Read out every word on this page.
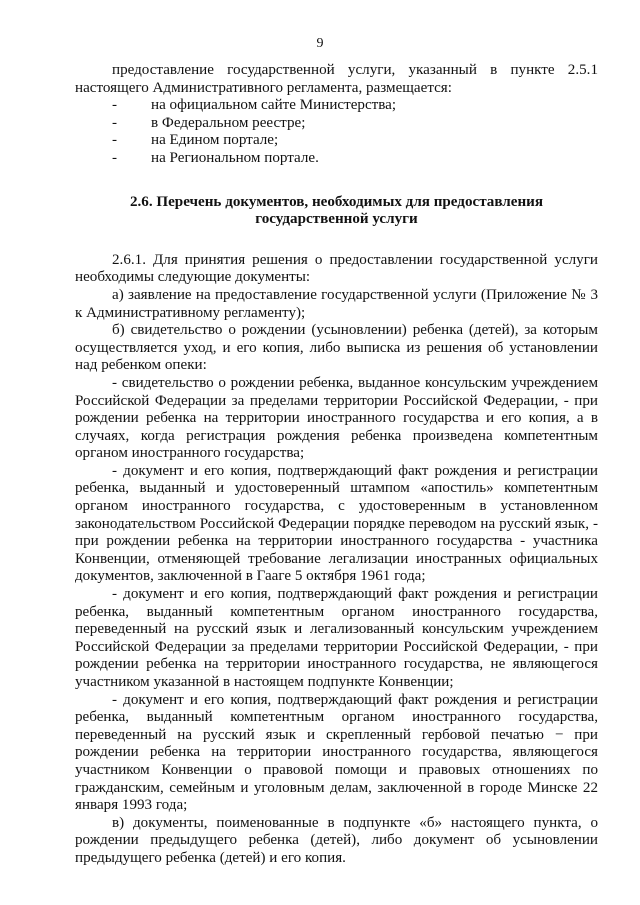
9

предоставление государственной услуги, указанный в пункте 2.5.1 настоящего Административного регламента, размещается:

- на официальном сайте Министерства;
- в Федеральном реестре;
- на Едином портале;
- на Региональном портале.
2.6. Перечень документов, необходимых для предоставления
государственной услуги

2.6.1. Для принятия решения о предоставлении государственной услуги необходимы следующие документы:

а) заявление на предоставление государственной услуги (Приложение № 3 к Административному регламенту);

б) свидетельство о рождении (усыновлении) ребенка (детей), за которым осуществляется уход, и его копия, либо выписка из решения об установлении над ребенком опеки:

- свидетельство о рождении ребенка, выданное консульским учреждением Российской Федерации за пределами территории Российской Федерации, - при рождении ребенка на территории иностранного государства и его копия, а в случаях, когда регистрация рождения ребенка произведена компетентным органом иностранного государства;

- документ и его копия, подтверждающий факт рождения и регистрации ребенка, выданный и удостоверенный штампом «апостиль» компетентным органом иностранного государства, с удостоверенным в установленном законодательством Российской Федерации порядке переводом на русский язык, - при рождении ребенка на территории иностранного государства - участника Конвенции, отменяющей требование легализации иностранных официальных документов, заключенной в Гааге 5 октября 1961 года;

- документ и его копия, подтверждающий факт рождения и регистрации ребенка, выданный компетентным органом иностранного государства, переведенный на русский язык и легализованный консульским учреждением Российской Федерации за пределами территории Российской Федерации, - при рождении ребенка на территории иностранного государства, не являющегося участником указанной в настоящем подпункте Конвенции;

- документ и его копия, подтверждающий факт рождения и регистрации ребенка, выданный компетентным органом иностранного государства, переведенный на русский язык и скрепленный гербовой печатью − при рождении ребенка на территории иностранного государства, являющегося участником Конвенции о правовой помощи и правовых отношениях по гражданским, семейным и уголовным делам, заключенной в городе Минске 22 января 1993 года;

в) документы, поименованные в подпункте «б» настоящего пункта, о рождении предыдущего ребенка (детей), либо документ об усыновлении предыдущего ребенка (детей) и его копия.
